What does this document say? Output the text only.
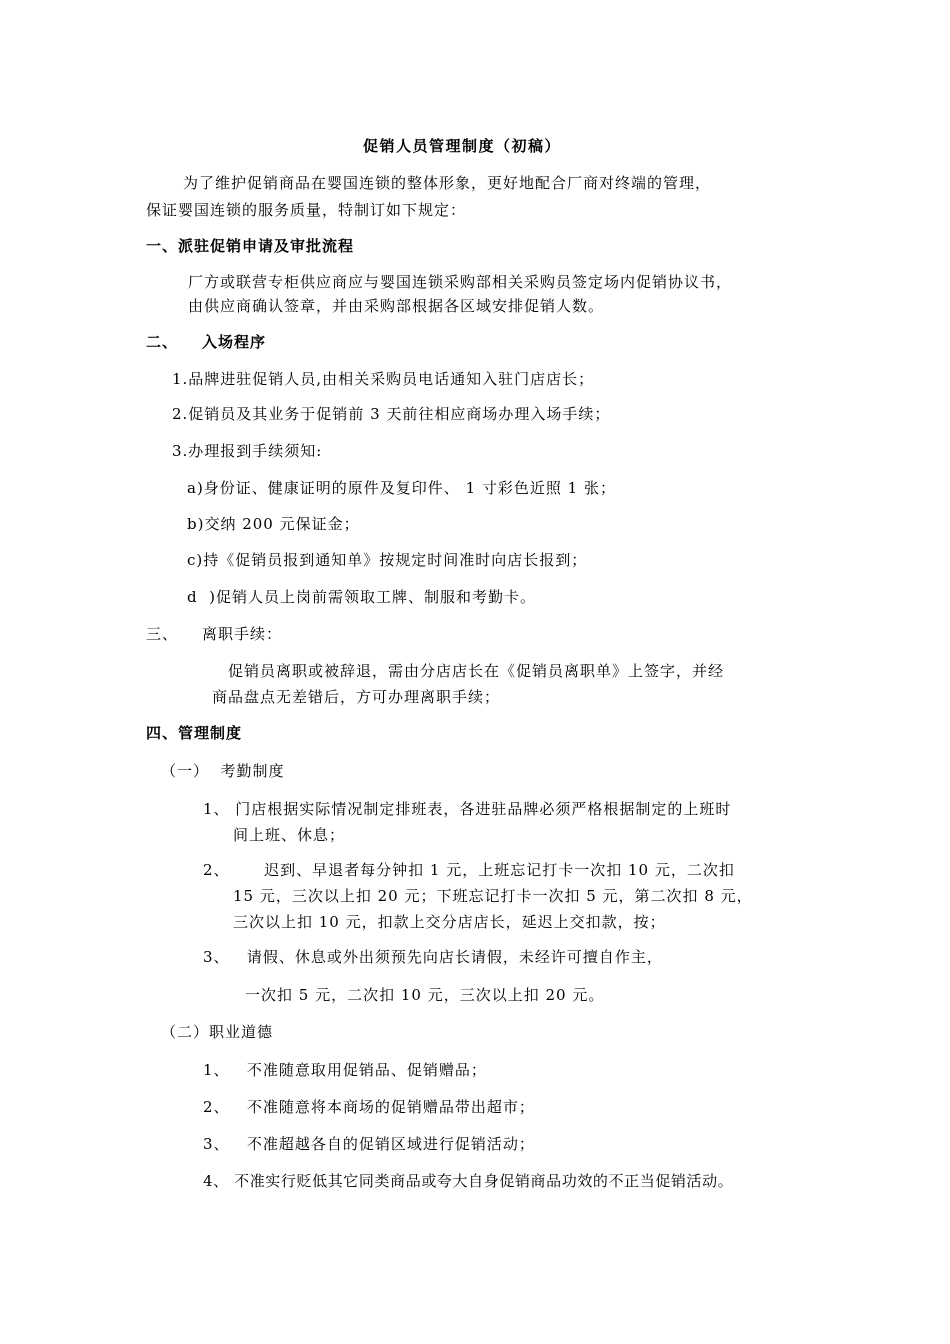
促销人员管理制度（初稿）
为了维护促销商品在婴国连锁的整体形象，更好地配合厂商对终端的管理，
保证婴国连锁的服务质量，特制订如下规定：
一、派驻促销申请及审批流程
厂方或联营专柜供应商应与婴国连锁采购部相关采购员签定场内促销协议书，
由供应商确认签章，并由采购部根据各区域安排促销人数。
二、 入场程序
1.品牌进驻促销人员,由相关采购员电话通知入驻门店店长；
2.促销员及其业务于促销前 3 天前往相应商场办理入场手续；
3.办理报到手续须知:
a)身份证、健康证明的原件及复印件、 1 寸彩色近照 1 张；
b)交纳 200 元保证金；
c)持《促销员报到通知单》按规定时间准时向店长报到；
d  )促销人员上岗前需领取工牌、制服和考勤卡。
三、 离职手续：
促销员离职或被辞退，需由分店店长在《促销员离职单》上签字，并经
商品盘点无差错后，方可办理离职手续；
四、管理制度
（一）  考勤制度
1、 门店根据实际情况制定排班表，各进驻品牌必须严格根据制定的上班时
间上班、休息；
2、      迟到、早退者每分钟扣 1 元，上班忘记打卡一次扣 10 元，二次扣
15 元，三次以上扣 20 元；下班忘记打卡一次扣 5 元，第二次扣 8 元，
三次以上扣 10 元，扣款上交分店店长，延迟上交扣款，按；
3、   请假、休息或外出须预先向店长请假，未经许可擅自作主，
一次扣 5 元，二次扣 10 元，三次以上扣 20 元。
（二）职业道德
1、   不准随意取用促销品、促销赠品；
2、   不准随意将本商场的促销赠品带出超市；
3、   不准超越各自的促销区域进行促销活动；
4、 不准实行贬低其它同类商品或夸大自身促销商品功效的不正当促销活动。
